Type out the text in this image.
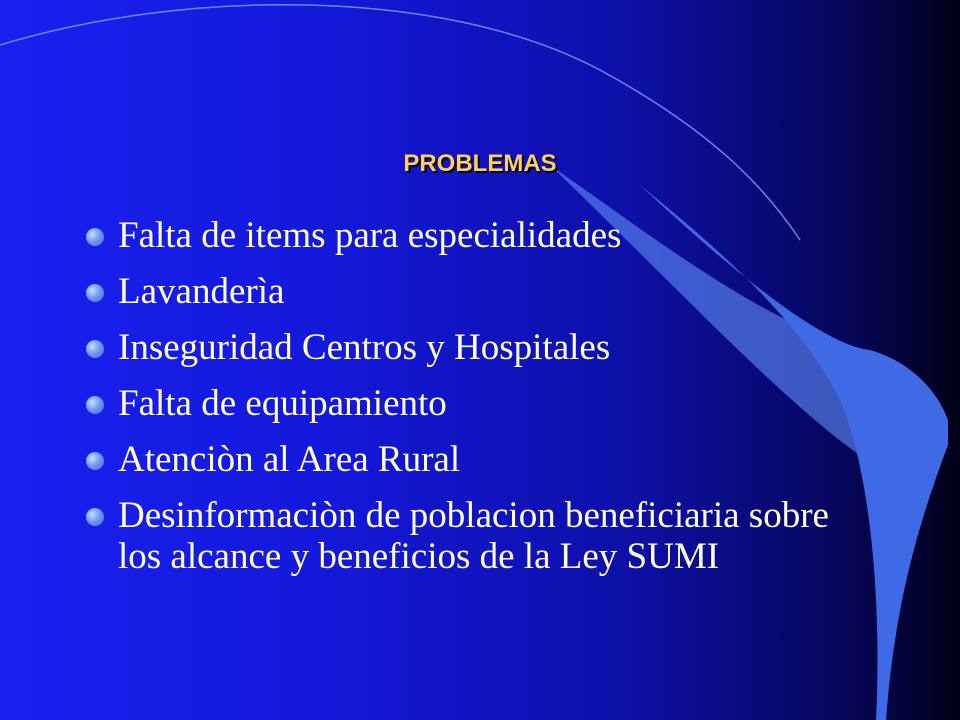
PROBLEMAS
Falta de items para especialidades
Lavanderìa
Inseguridad Centros y Hospitales
Falta de equipamiento
Atenciòn al Area Rural
Desinformaciòn de poblacion beneficiaria sobre los alcance y beneficios de la Ley SUMI
